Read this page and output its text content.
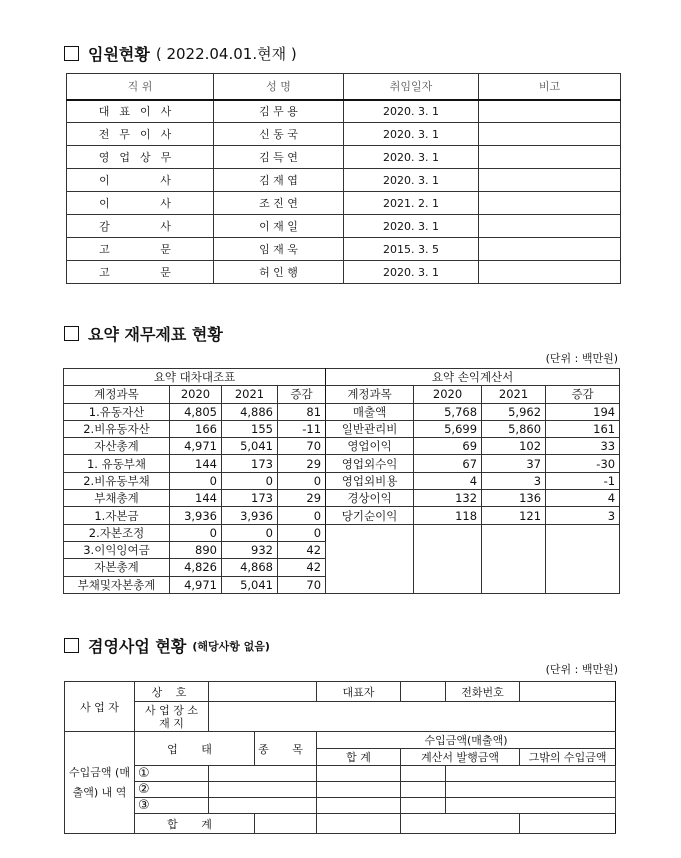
임원현황 ( 2022.04.01.현재 )
직 위	성 명	취임일자	비고
대표이사	김 무 용	2020. 3. 1	
전무이사	신 동 국	2020. 3. 1	
영업상무	김 득 연	2020. 3. 1	
이   사	김 재 엽	2020. 3. 1	
이   사	조 진 연	2021. 2. 1	
감   사	이 재 일	2020. 3. 1	
고   문	임 재 욱	2015. 3. 5	
고   문	허 인 행	2020. 3. 1	
요약 재무제표 현황
(단위 : 백만원)
요약 대차대조표				요약 손익계산서			
계정과목	2020	2021	증감	계정과목	2020	2021	증감
1.유동자산	4,805	4,886	81	매출액	5,768	5,962	194
2.비유동자산	166	155	-11	일반관리비	5,699	5,860	161
자산총계	4,971	5,041	70	영업이익	69	102	33
1. 유동부채	144	173	29	영업외수익	67	37	-30
2.비유동부채	0	0	0	영업외비용	4	3	-1
부채총계	144	173	29	경상이익	132	136	4
1.자본금	3,936	3,936	0	당기순이익	118	121	3
2.자본조정	0	0	0				
3.이익잉여금	890	932	42				
자본총계	4,826	4,868	42				
부채및자본총계	4,971	5,041	70				
겸영사업 현황 (해당사항 없음)
(단위 : 백만원)
사 업 자	상 호			대표자		전화번호		
	사 업 장 소 재 지							
수입금액 (매출액) 내 역	업 태		종 목	수입금액(매출액)				
				합 계	계산서 발행금액		그밖의 수입금액	
	①							
	②							
	③							
	합 계							
